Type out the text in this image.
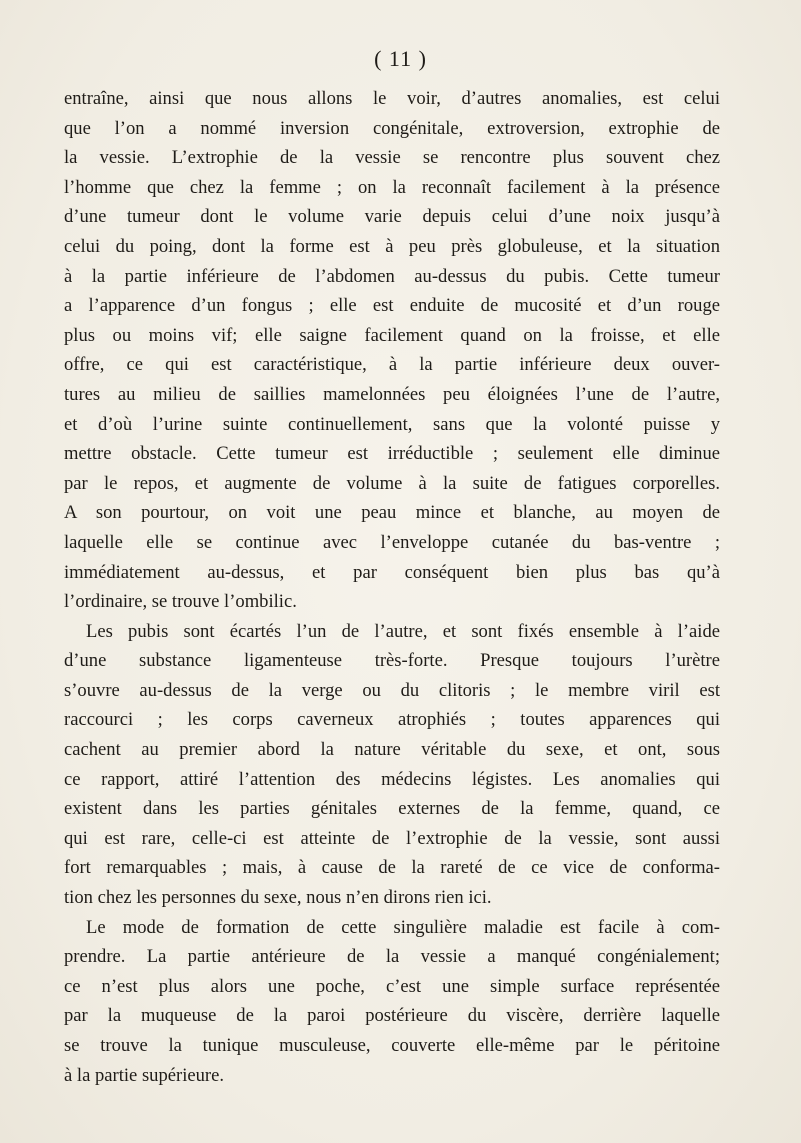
( 11 )
entraîne, ainsi que nous allons le voir, d’autres anomalies, est celui
que l’on a nommé inversion congénitale, extroversion, extrophie de
la vessie. L’extrophie de la vessie se rencontre plus souvent chez
l’homme que chez la femme ; on la reconnaît facilement à la présence
d’une tumeur dont le volume varie depuis celui d’une noix jusqu’à
celui du poing, dont la forme est à peu près globuleuse, et la situation
à la partie inférieure de l’abdomen au-dessus du pubis. Cette tumeur
a l’apparence d’un fongus ; elle est enduite de mucosité et d’un rouge
plus ou moins vif; elle saigne facilement quand on la froisse, et elle
offre, ce qui est caractéristique, à la partie inférieure deux ouver-
tures au milieu de saillies mamelonnées peu éloignées l’une de l’autre,
et d’où l’urine suinte continuellement, sans que la volonté puisse y
mettre obstacle. Cette tumeur est irréductible ; seulement elle diminue
par le repos, et augmente de volume à la suite de fatigues corporelles.
A son pourtour, on voit une peau mince et blanche, au moyen de
laquelle elle se continue avec l’enveloppe cutanée du bas-ventre ;
immédiatement au-dessus, et par conséquent bien plus bas qu’à
l’ordinaire, se trouve l’ombilic.
Les pubis sont écartés l’un de l’autre, et sont fixés ensemble à l’aide
d’une substance ligamenteuse très-forte. Presque toujours l’urètre
s’ouvre au-dessus de la verge ou du clitoris ; le membre viril est
raccourci ; les corps caverneux atrophiés ; toutes apparences qui
cachent au premier abord la nature véritable du sexe, et ont, sous
ce rapport, attiré l’attention des médecins légistes. Les anomalies qui
existent dans les parties génitales externes de la femme, quand, ce
qui est rare, celle-ci est atteinte de l’extrophie de la vessie, sont aussi
fort remarquables ; mais, à cause de la rareté de ce vice de conforma-
tion chez les personnes du sexe, nous n’en dirons rien ici.
Le mode de formation de cette singulière maladie est facile à com-
prendre. La partie antérieure de la vessie a manqué congénialement;
ce n’est plus alors une poche, c’est une simple surface représentée
par la muqueuse de la paroi postérieure du viscère, derrière laquelle
se trouve la tunique musculeuse, couverte elle-même par le péritoine
à la partie supérieure.
